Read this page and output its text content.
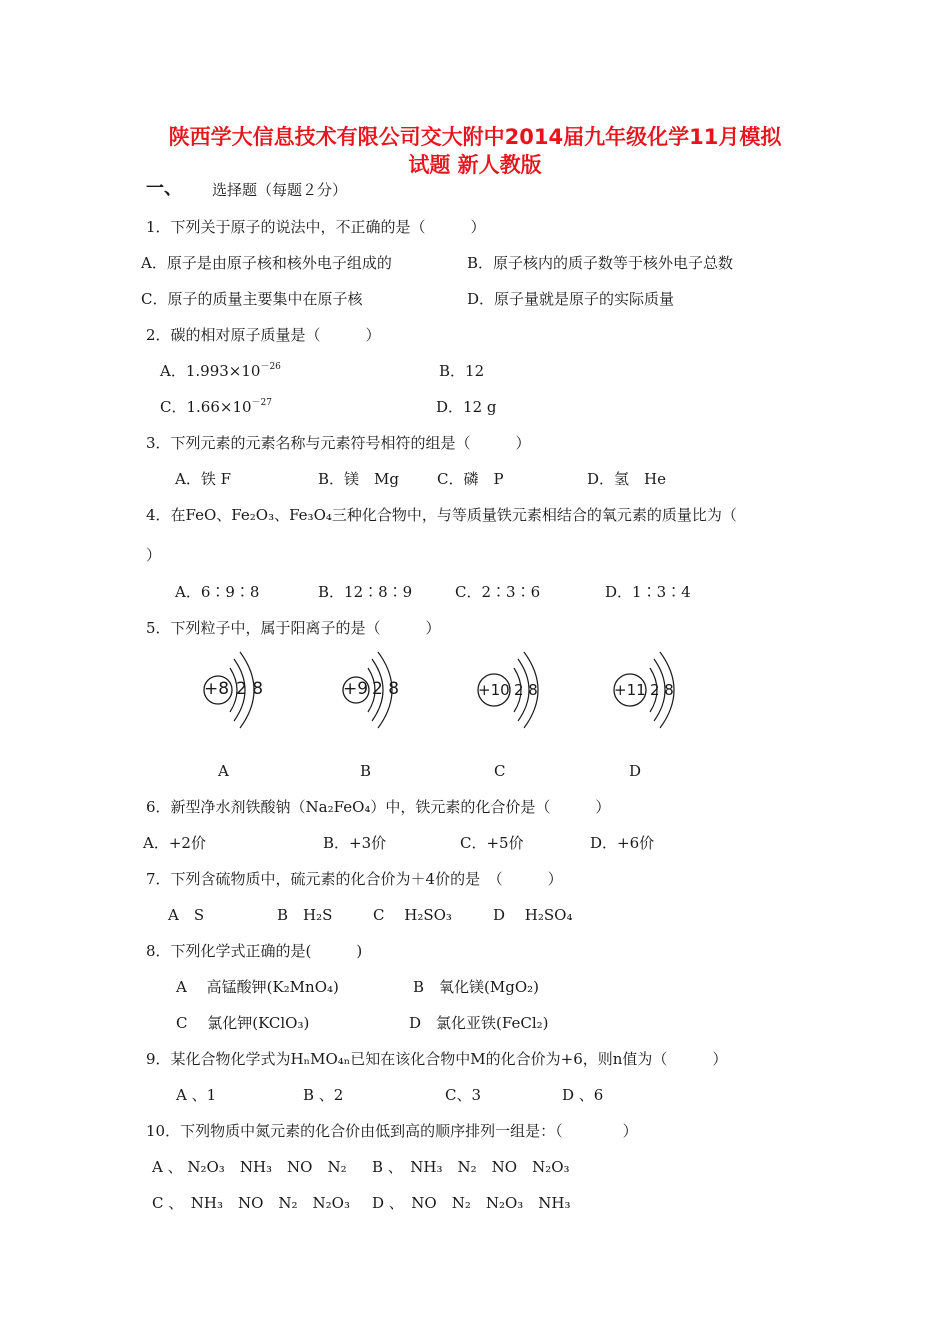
陕西学大信息技术有限公司交大附中2014届九年级化学11月模拟
试题 新人教版
一、 选择题（每题２分）
1．下列关于原子的说法中，不正确的是（　　　）
A．原子是由原子核和核外电子组成的	B．原子核内的质子数等于核外电子总数
C．原子的质量主要集中在原子核	D．原子量就是原子的实际质量
2．碳的相对原子质量是（　　　）
A．$1.993\times 10^{-26}$	B．12
C．$1.66\times 10^{-27}$	D．12 g
3．下列元素的元素名称与元素符号相符的组是（　　　）
A．铁 F	B．镁　Mg	C．磷　P	D．氢　He
4．在FeO、Fe₂O₃、Fe₃O₄三种化合物中，与等质量铁元素相结合的氧元素的质量比为（
）
A．6∶9∶8	B．12∶8∶9	C．2∶3∶6	D．1∶3∶4
5．下列粒子中，属于阳离子的是（　　　）
+8 2 8
A
+9 2 8
B
+10 2 8
C
+11 2 8
D
6．新型净水剂铁酸钠（Na₂FeO₄）中，铁元素的化合价是（　　　）
A．+2价	B．+3价	C．+5价	D．+6价
7．下列含硫物质中，硫元素的化合价为＋4价的是　（　　　）
A　S	B　H₂S	C　 H₂SO₃	D　 H₂SO₄
8．下列化学式正确的是(　　　)
A　 高锰酸钾(K₂MnO₄)	B　氧化镁(MgO₂)
C　 氯化钾(KClO₃)	D　氯化亚铁(FeCl₂)
9．某化合物化学式为HₙMO₄ₙ已知在该化合物中M的化合价为+6，则n值为（　　　）
A 、1	B 、2	C、3	D 、6
10．下列物质中氮元素的化合价由低到高的顺序排列一组是：（　　　　）
A 、 N₂O₃　NH₃　NO　N₂ B 、　NH₃　N₂　NO　N₂O₃
C 、　NH₃　NO　N₂　N₂O₃ D 、　NO　N₂　N₂O₃　NH₃
